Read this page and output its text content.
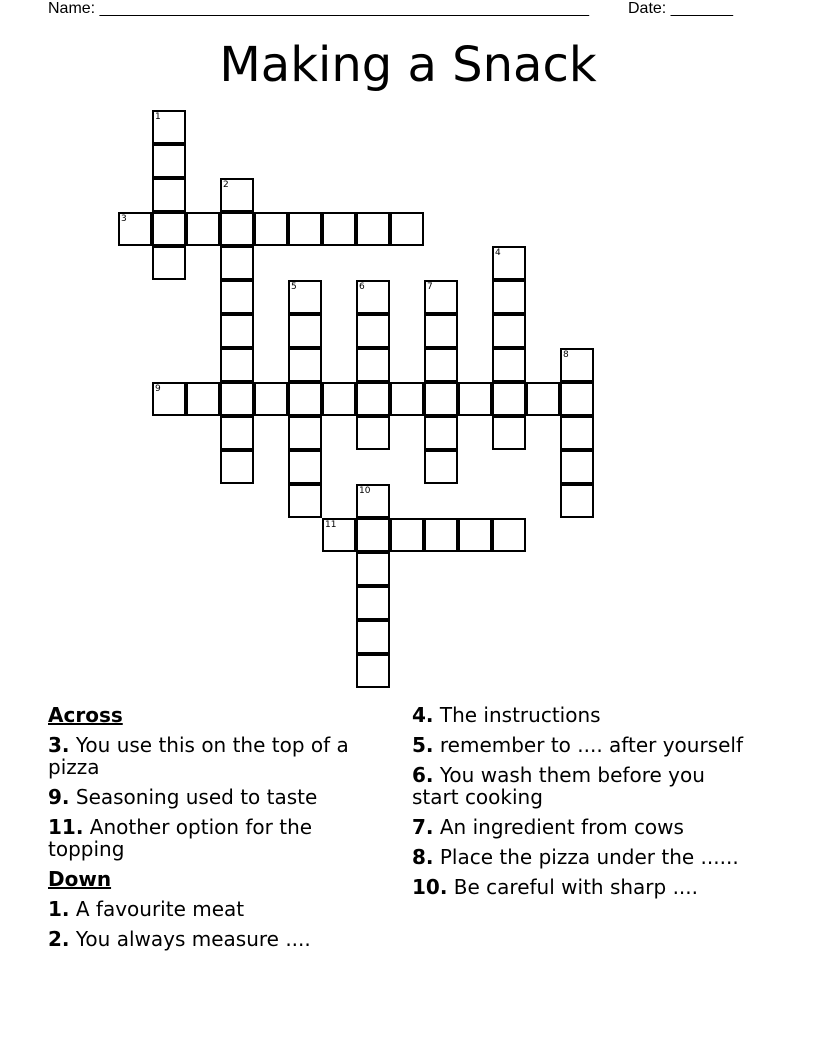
Name: _______________________________________________________ Date: _______
Making a Snack
1
2
3
4
5	6	7
8
9
10
11
Across
3. You use this on the top of a pizza
9. Seasoning used to taste
11. Another option for the topping
Down
1. A favourite meat
2. You always measure ....
4. The instructions
5. remember to .... after yourself
6. You wash them before you start cooking
7. An ingredient from cows
8. Place the pizza under the ......
10. Be careful with sharp ....
